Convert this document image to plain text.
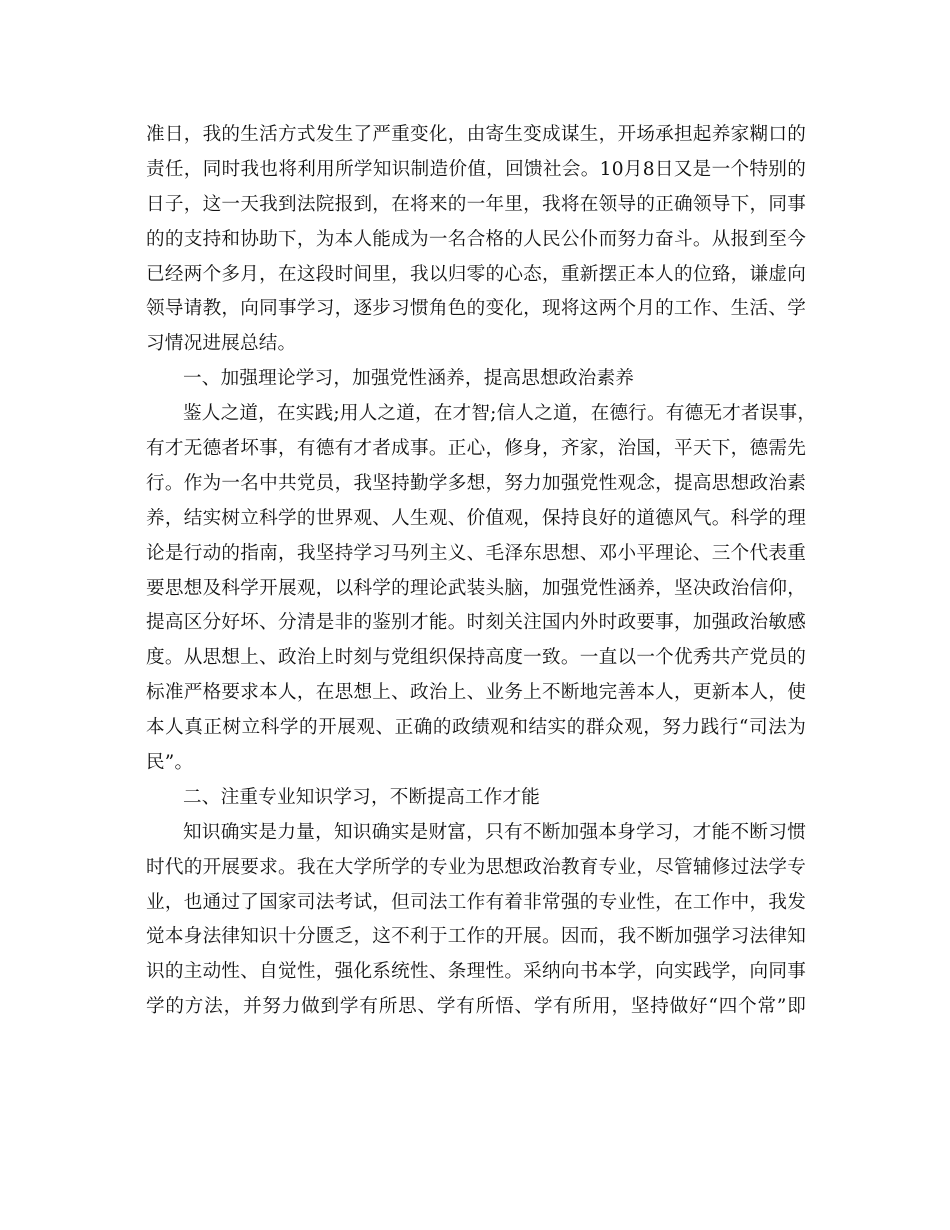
准日，我的生活方式发生了严重变化，由寄生变成谋生，开场承担起养家糊口的
责任，同时我也将利用所学知识制造价值，回馈社会。10月8日又是一个特别的
日子，这一天我到法院报到，在将来的一年里，我将在领导的正确领导下，同事
的的支持和协助下，为本人能成为一名合格的人民公仆而努力奋斗。从报到至今
已经两个多月，在这段时间里，我以归零的心态，重新摆正本人的位臵，谦虚向
领导请教，向同事学习，逐步习惯角色的变化，现将这两个月的工作、生活、学
习情况进展总结。
一、加强理论学习，加强党性涵养，提高思想政治素养
鉴人之道，在实践;用人之道，在才智;信人之道，在德行。有德无才者误事，
有才无德者坏事，有德有才者成事。正心，修身，齐家，治国，平天下，德需先
行。作为一名中共党员，我坚持勤学多想，努力加强党性观念，提高思想政治素
养，结实树立科学的世界观、人生观、价值观，保持良好的道德风气。科学的理
论是行动的指南，我坚持学习马列主义、毛泽东思想、邓小平理论、三个代表重
要思想及科学开展观，以科学的理论武装头脑，加强党性涵养，坚决政治信仰，
提高区分好坏、分清是非的鉴别才能。时刻关注国内外时政要事，加强政治敏感
度。从思想上、政治上时刻与党组织保持高度一致。一直以一个优秀共产党员的
标准严格要求本人，在思想上、政治上、业务上不断地完善本人，更新本人，使
本人真正树立科学的开展观、正确的政绩观和结实的群众观，努力践行“司法为
民”。
二、注重专业知识学习，不断提高工作才能
知识确实是力量，知识确实是财富，只有不断加强本身学习，才能不断习惯
时代的开展要求。我在大学所学的专业为思想政治教育专业，尽管辅修过法学专
业，也通过了国家司法考试，但司法工作有着非常强的专业性，在工作中，我发
觉本身法律知识十分匮乏，这不利于工作的开展。因而，我不断加强学习法律知
识的主动性、自觉性，强化系统性、条理性。采纳向书本学，向实践学，向同事
学的方法，并努力做到学有所思、学有所悟、学有所用，坚持做好“四个常”即
